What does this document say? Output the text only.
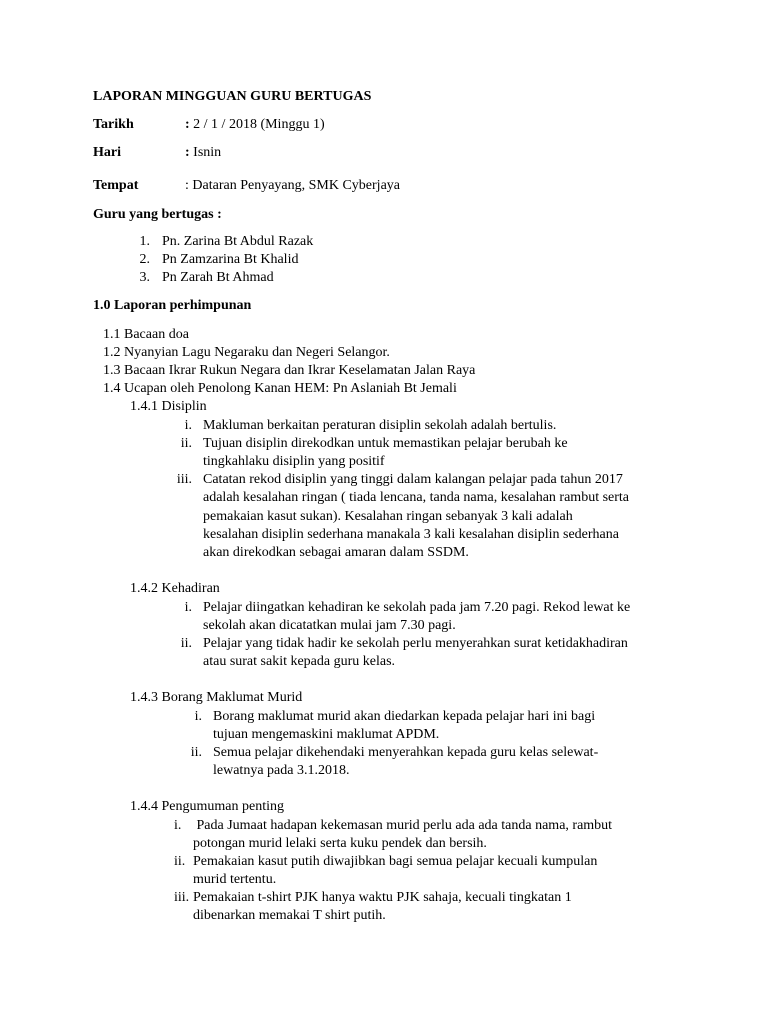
LAPORAN MINGGUAN GURU BERTUGAS
Tarikh	: 2 / 1 / 2018 (Minggu 1)
Hari	: Isnin
Tempat	: Dataran Penyayang, SMK Cyberjaya
Guru yang bertugas :
1. Pn. Zarina Bt Abdul Razak
2. Pn Zamzarina Bt Khalid
3. Pn Zarah Bt Ahmad
1.0 Laporan perhimpunan
1.1 Bacaan doa
1.2 Nyanyian Lagu Negaraku dan Negeri Selangor.
1.3 Bacaan Ikrar Rukun Negara dan Ikrar Keselamatan Jalan Raya
1.4 Ucapan oleh Penolong Kanan HEM: Pn Aslaniah Bt Jemali
1.4.1 Disiplin
i. Makluman berkaitan peraturan disiplin sekolah adalah bertulis.
ii. Tujuan disiplin direkodkan untuk memastikan pelajar berubah ke
tingkahlaku disiplin yang positif
iii. Catatan rekod disiplin yang tinggi dalam kalangan pelajar pada tahun 2017
adalah kesalahan ringan ( tiada lencana, tanda nama, kesalahan rambut serta
pemakaian kasut sukan). Kesalahan ringan sebanyak 3 kali adalah
kesalahan disiplin sederhana manakala 3 kali kesalahan disiplin sederhana
akan direkodkan sebagai amaran dalam SSDM.
1.4.2 Kehadiran
i. Pelajar diingatkan kehadiran ke sekolah pada jam 7.20 pagi. Rekod lewat ke
sekolah akan dicatatkan mulai jam 7.30 pagi.
ii. Pelajar yang tidak hadir ke sekolah perlu menyerahkan surat ketidakhadiran
atau surat sakit kepada guru kelas.
1.4.3 Borang Maklumat Murid
i. Borang maklumat murid akan diedarkan kepada pelajar hari ini bagi
tujuan mengemaskini maklumat APDM.
ii. Semua pelajar dikehendaki menyerahkan kepada guru kelas selewat-
lewatnya pada 3.1.2018.
1.4.4 Pengumuman penting
i. Pada Jumaat hadapan kekemasan murid perlu ada ada tanda nama, rambut
potongan murid lelaki serta kuku pendek dan bersih.
ii. Pemakaian kasut putih diwajibkan bagi semua pelajar kecuali kumpulan
murid tertentu.
iii. Pemakaian t-shirt PJK hanya waktu PJK sahaja, kecuali tingkatan 1
dibenarkan memakai T shirt putih.
